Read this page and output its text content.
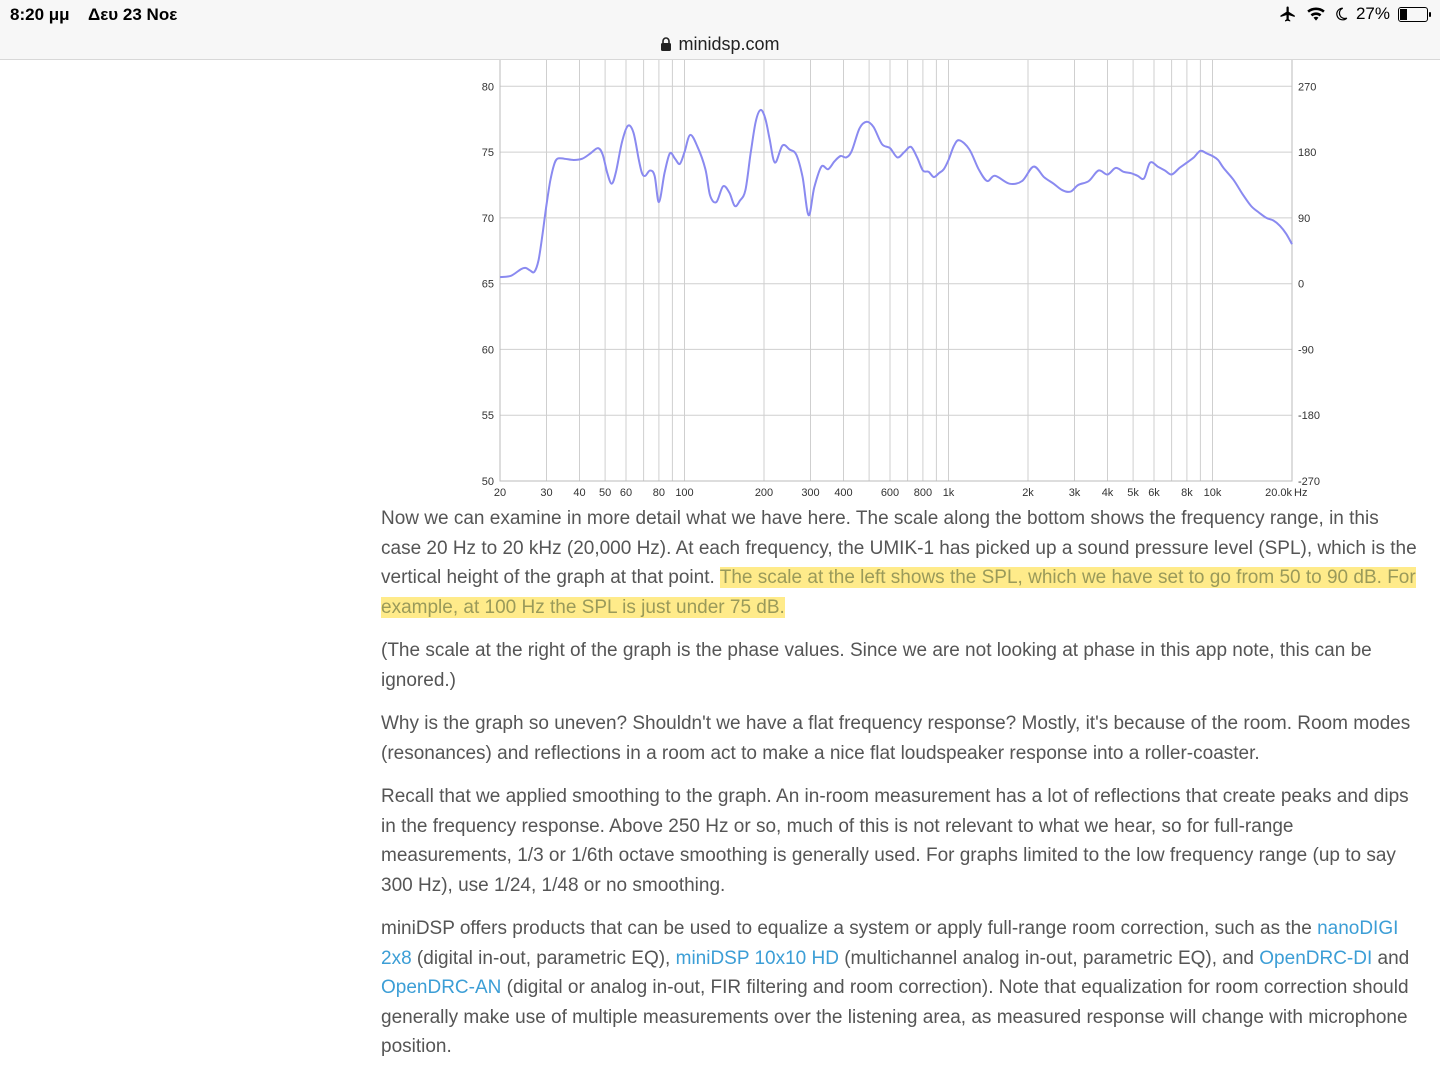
8:20 μμ Δευ 23 Νοε	27%
minidsp.com
50
55
60
65
70
75
80
-270
-180
-90
0
90
180
270
20	30 40 50 60 80 100	200	300 400	600 800 1k	2k	3k 4k 5k 6k 8k 10k	20.0k Hz

Now we can examine in more detail what we have here. The scale along the bottom shows the frequency range, in this case 20 Hz to 20 kHz (20,000 Hz). At each frequency, the UMIK-1 has picked up a sound pressure level (SPL), which is the vertical height of the graph at that point. The scale at the left shows the SPL, which we have set to go from 50 to 90 dB. For example, at 100 Hz the SPL is just under 75 dB.

(The scale at the right of the graph is the phase values. Since we are not looking at phase in this app note, this can be ignored.)

Why is the graph so uneven? Shouldn't we have a flat frequency response? Mostly, it's because of the room. Room modes (resonances) and reflections in a room act to make a nice flat loudspeaker response into a roller-coaster.

Recall that we applied smoothing to the graph. An in-room measurement has a lot of reflections that create peaks and dips in the frequency response. Above 250 Hz or so, much of this is not relevant to what we hear, so for full-range measurements, 1/3 or 1/6th octave smoothing is generally used. For graphs limited to the low frequency range (up to say 300 Hz), use 1/24, 1/48 or no smoothing.

miniDSP offers products that can be used to equalize a system or apply full-range room correction, such as the nanoDIGI 2x8 (digital in-out, parametric EQ), miniDSP 10x10 HD (multichannel analog in-out, parametric EQ), and OpenDRC-DI and OpenDRC-AN (digital or analog in-out, FIR filtering and room correction). Note that equalization for room correction should generally make use of multiple measurements over the listening area, as measured response will change with microphone position.
